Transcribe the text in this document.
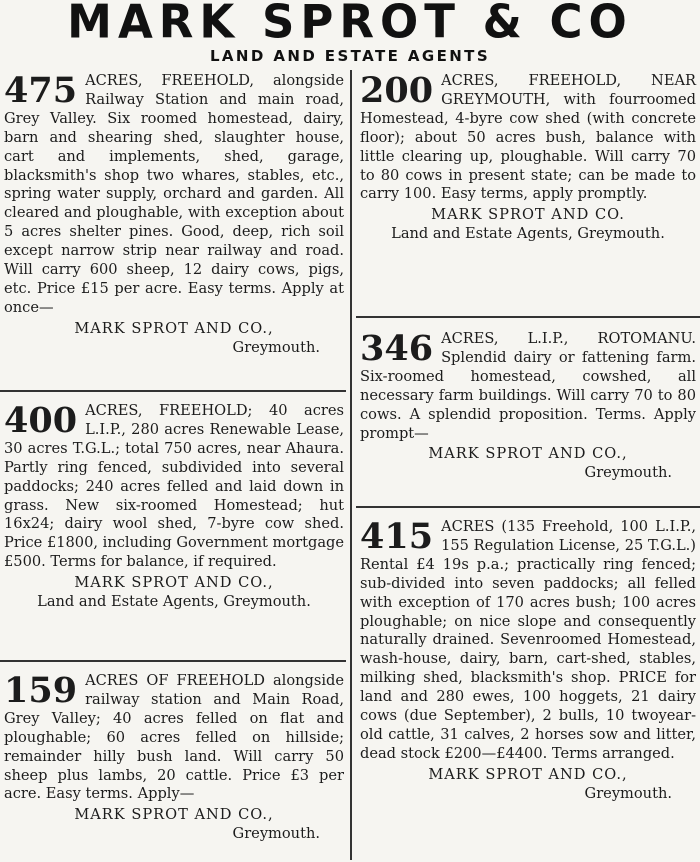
MARK SPROT & CO
LAND AND ESTATE AGENTS
475 ACRES, FREEHOLD, alongside Railway Station and main road, Grey Valley. Six roomed homestead, dairy, barn and shearing shed, slaughter house, cart and implements, shed, garage, blacksmith's shop two whares, stables, etc., spring water supply, orchard and garden. All cleared and ploughable, with exception about 5 acres shelter pines. Good, deep, rich soil except narrow strip near railway and road. Will carry 600 sheep, 12 dairy cows, pigs, etc. Price £15 per acre. Easy terms. Apply at once—
MARK SPROT AND CO.,
Greymouth.
400 ACRES, FREEHOLD; 40 acres L.I.P., 280 acres Renewable Lease, 30 acres T.G.L.; total 750 acres, near Ahaura. Partly ring fenced, subdivided into several paddocks; 240 acres felled and laid down in grass. New six-roomed Homestead; hut 16x24; dairy wool shed, 7-byre cow shed. Price £1800, including Government mortgage £500. Terms for balance, if required.
MARK SPROT AND CO.,
Land and Estate Agents, Greymouth.
159 ACRES OF FREEHOLD alongside railway station and Main Road, Grey Valley; 40 acres felled on flat and ploughable; 60 acres felled on hillside; remainder hilly bush land. Will carry 50 sheep plus lambs, 20 cattle. Price £3 per acre. Easy terms. Apply—
MARK SPROT AND CO.,
Greymouth.
200 ACRES, FREEHOLD, NEAR GREYMOUTH, with fourroomed Homestead, 4-byre cow shed (with concrete floor); about 50 acres bush, balance with little clearing up, ploughable. Will carry 70 to 80 cows in present state; can be made to carry 100. Easy terms, apply promptly.
MARK SPROT AND CO.
Land and Estate Agents, Greymouth.
346 ACRES, L.I.P., ROTOMANU. Splendid dairy or fattening farm. Six-roomed homestead, cowshed, all necessary farm buildings. Will carry 70 to 80 cows. A splendid proposition. Terms. Apply prompt—
MARK SPROT AND CO.,
Greymouth.
415 ACRES (135 Freehold, 100 L.I.P., 155 Regulation License, 25 T.G.L.) Rental £4 19s p.a.; practically ring fenced; sub-divided into seven paddocks; all felled with exception of 170 acres bush; 100 acres ploughable; on nice slope and consequently naturally drained. Sevenroomed Homestead, wash-house, dairy, barn, cart-shed, stables, milking shed, blacksmith's shop. PRICE for land and 280 ewes, 100 hoggets, 21 dairy cows (due September), 2 bulls, 10 twoyear-old cattle, 31 calves, 2 horses sow and litter, dead stock £200—£4400. Terms arranged.
MARK SPROT AND CO.,
Greymouth.
